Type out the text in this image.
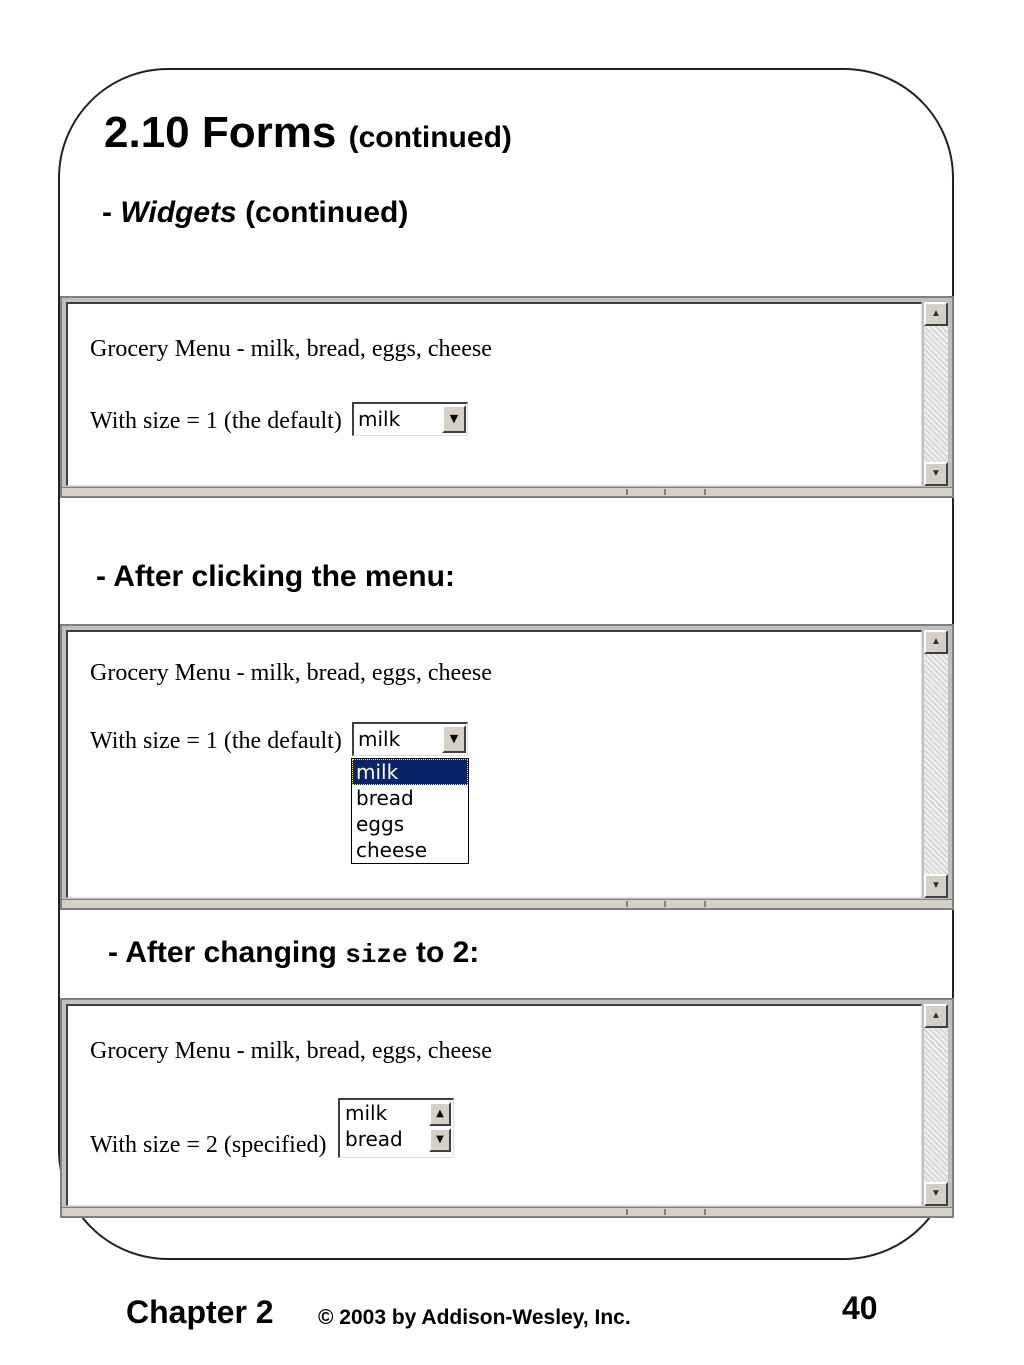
2.10 Forms (continued)
- Widgets (continued)
Grocery Menu - milk, bread, eggs, cheese
With size = 1 (the default) milk	▼
▲
▼
- After clicking the menu:
Grocery Menu - milk, bread, eggs, cheese
With size = 1 (the default) milk	▼
milk
bread
eggs
cheese
▲
▼
- After changing size to 2:
Grocery Menu - milk, bread, eggs, cheese
With size = 2 (specified)
milk
bread
▲
▼
▲
▼
Chapter 2 © 2003 by Addison-Wesley, Inc.	40
